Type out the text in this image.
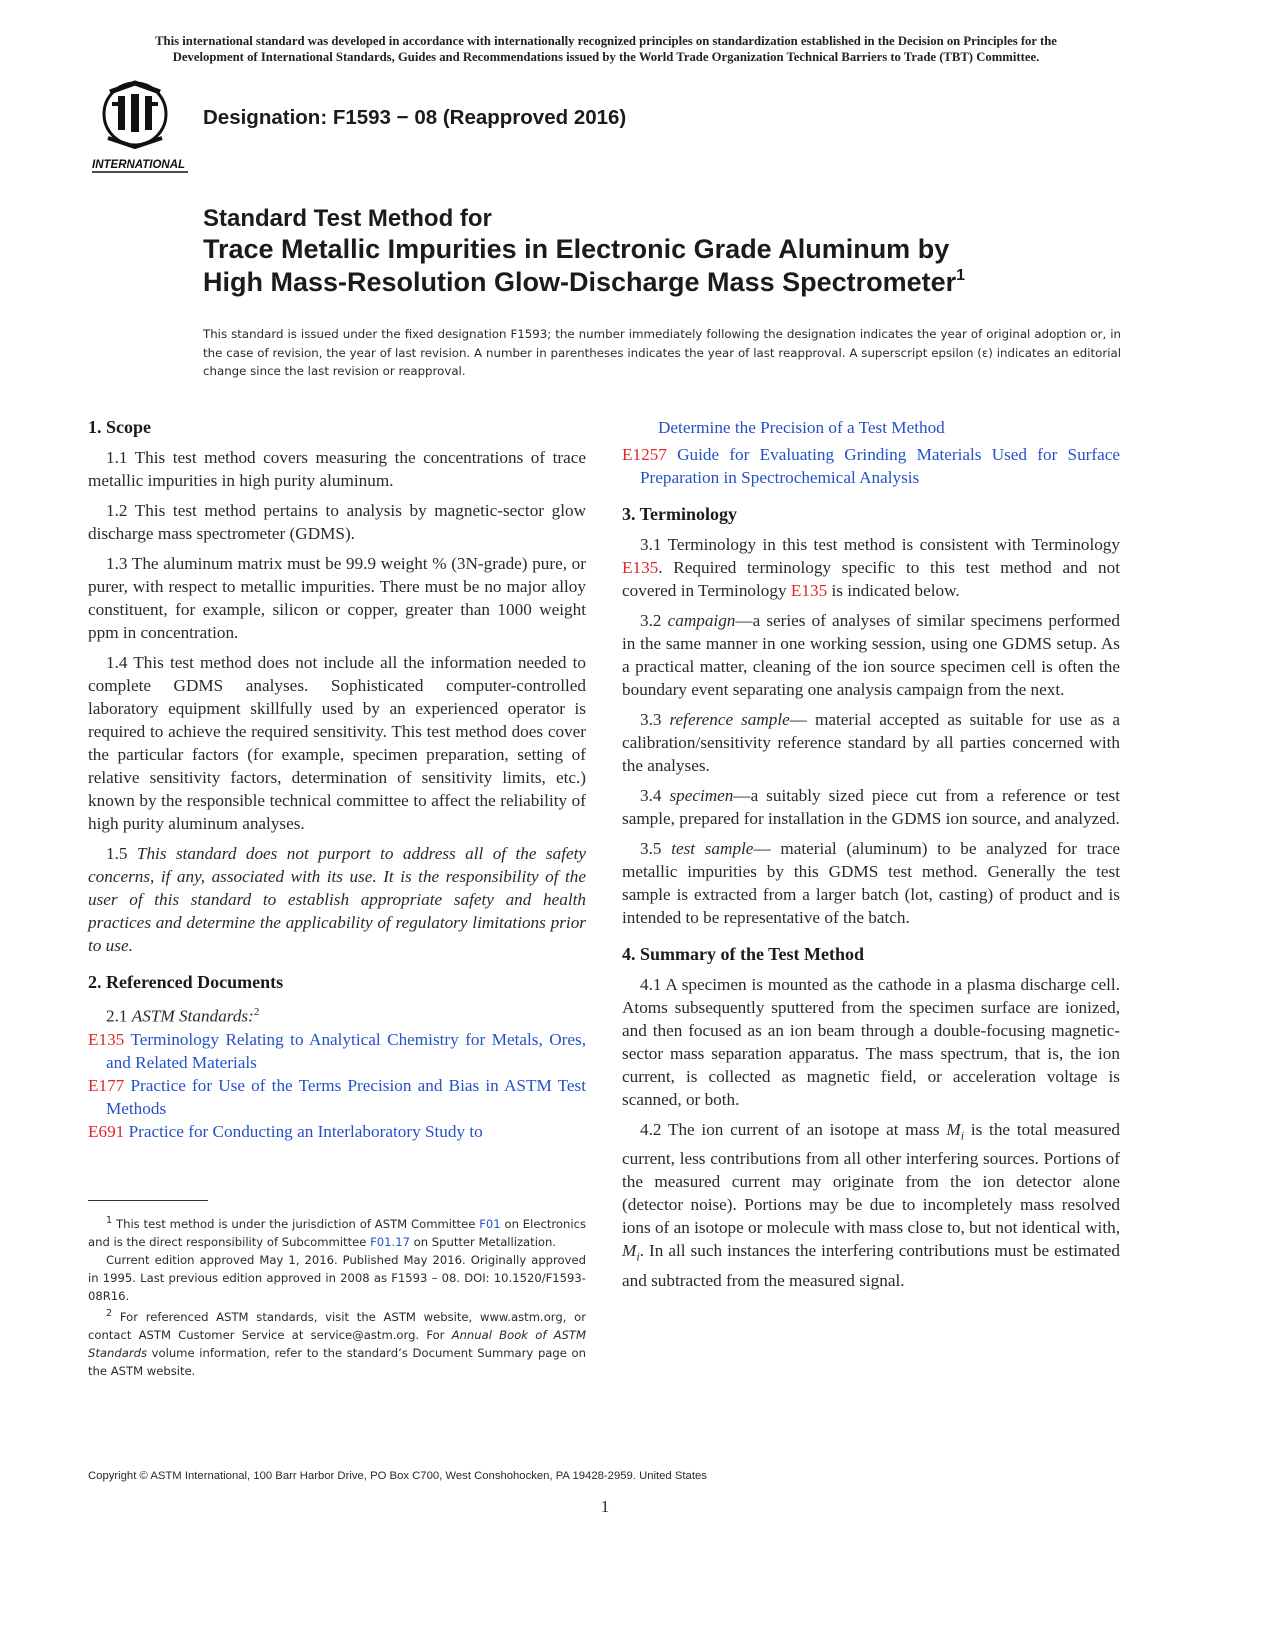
This international standard was developed in accordance with internationally recognized principles on standardization established in the Decision on Principles for the
Development of International Standards, Guides and Recommendations issued by the World Trade Organization Technical Barriers to Trade (TBT) Committee.
INTERNATIONAL
Designation: F1593 − 08 (Reapproved 2016)
Standard Test Method for
Trace Metallic Impurities in Electronic Grade Aluminum by
High Mass-Resolution Glow-Discharge Mass Spectrometer$^1$
This standard is issued under the fixed designation F1593; the number immediately following the designation indicates the year of original adoption or, in the case of revision, the year of last revision. A number in parentheses indicates the year of last reapproval. A superscript epsilon (ε) indicates an editorial change since the last revision or reapproval.
1. Scope

1.1 This test method covers measuring the concentrations of trace metallic impurities in high purity aluminum.

1.2 This test method pertains to analysis by magnetic-sector glow discharge mass spectrometer (GDMS).

1.3 The aluminum matrix must be 99.9 weight % (3N-grade) pure, or purer, with respect to metallic impurities. There must be no major alloy constituent, for example, silicon or copper, greater than 1000 weight ppm in concentration.

1.4 This test method does not include all the information needed to complete GDMS analyses. Sophisticated computer-controlled laboratory equipment skillfully used by an experienced operator is required to achieve the required sensitivity. This test method does cover the particular factors (for example, specimen preparation, setting of relative sensitivity factors, determination of sensitivity limits, etc.) known by the responsible technical committee to affect the reliability of high purity aluminum analyses.

1.5 This standard does not purport to address all of the safety concerns, if any, associated with its use. It is the responsibility of the user of this standard to establish appropriate safety and health practices and determine the applicability of regulatory limitations prior to use.

2. Referenced Documents

2.1 ASTM Standards:$^2$

E135 Terminology Relating to Analytical Chemistry for Metals, Ores, and Related Materials
E177 Practice for Use of the Terms Precision and Bias in ASTM Test Methods
E691 Practice for Conducting an Interlaboratory Study to

$^1$ This test method is under the jurisdiction of ASTM Committee F01 on Electronics and is the direct responsibility of Subcommittee F01.17 on Sputter Metallization.

Current edition approved May 1, 2016. Published May 2016. Originally approved in 1995. Last previous edition approved in 2008 as F1593 – 08. DOI: 10.1520/F1593-08R16.

$^2$ For referenced ASTM standards, visit the ASTM website, www.astm.org, or contact ASTM Customer Service at service@astm.org. For Annual Book of ASTM Standards volume information, refer to the standard’s Document Summary page on the ASTM website.

Determine the Precision of a Test Method
E1257 Guide for Evaluating Grinding Materials Used for Surface Preparation in Spectrochemical Analysis
3. Terminology

3.1 Terminology in this test method is consistent with Terminology E135. Required terminology specific to this test method and not covered in Terminology E135 is indicated below.

3.2 campaign—a series of analyses of similar specimens performed in the same manner in one working session, using one GDMS setup. As a practical matter, cleaning of the ion source specimen cell is often the boundary event separating one analysis campaign from the next.

3.3 reference sample— material accepted as suitable for use as a calibration/sensitivity reference standard by all parties concerned with the analyses.

3.4 specimen—a suitably sized piece cut from a reference or test sample, prepared for installation in the GDMS ion source, and analyzed.

3.5 test sample— material (aluminum) to be analyzed for trace metallic impurities by this GDMS test method. Generally the test sample is extracted from a larger batch (lot, casting) of product and is intended to be representative of the batch.

4. Summary of the Test Method

4.1 A specimen is mounted as the cathode in a plasma discharge cell. Atoms subsequently sputtered from the specimen surface are ionized, and then focused as an ion beam through a double-focusing magnetic-sector mass separation apparatus. The mass spectrum, that is, the ion current, is collected as magnetic field, or acceleration voltage is scanned, or both.

4.2 The ion current of an isotope at mass $M_i$ is the total measured current, less contributions from all other interfering sources. Portions of the measured current may originate from the ion detector alone (detector noise). Portions may be due to incompletely mass resolved ions of an isotope or molecule with mass close to, but not identical with, $M_i$. In all such instances the interfering contributions must be estimated and subtracted from the measured signal.

Copyright © ASTM International, 100 Barr Harbor Drive, PO Box C700, West Conshohocken, PA 19428-2959. United States
1
